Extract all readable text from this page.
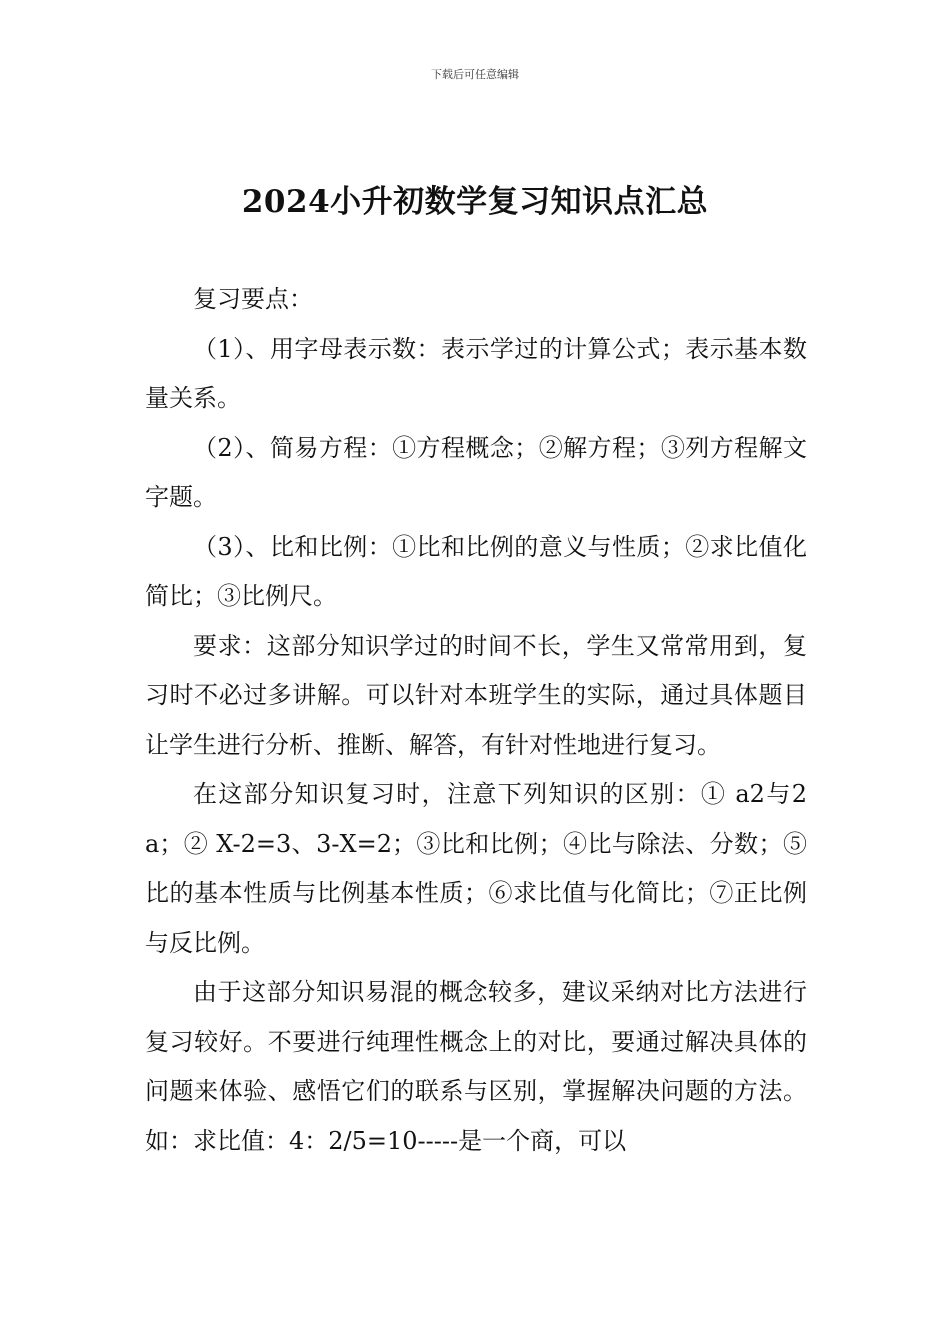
下载后可任意编辑
2024小升初数学复习知识点汇总

复习要点：

（1）、用字母表示数：表示学过的计算公式；表示基本数量关系。

（2）、简易方程：①方程概念；②解方程；③列方程解文字题。

（3）、比和比例：①比和比例的意义与性质；②求比值化简比；③比例尺。

要求：这部分知识学过的时间不长，学生又常常用到，复习时不必过多讲解。可以针对本班学生的实际，通过具体题目让学生进行分析、推断、解答，有针对性地进行复习。

在这部分知识复习时，注意下列知识的区别：① a2与2a；② X-2=3、3-X=2；③比和比例；④比与除法、分数；⑤比的基本性质与比例基本性质；⑥求比值与化简比；⑦正比例与反比例。

由于这部分知识易混的概念较多，建议采纳对比方法进行复习较好。不要进行纯理性概念上的对比，要通过解决具体的问题来体验、感悟它们的联系与区别，掌握解决问题的方法。如：求比值：4：2/5=10-----是一个商，可以
